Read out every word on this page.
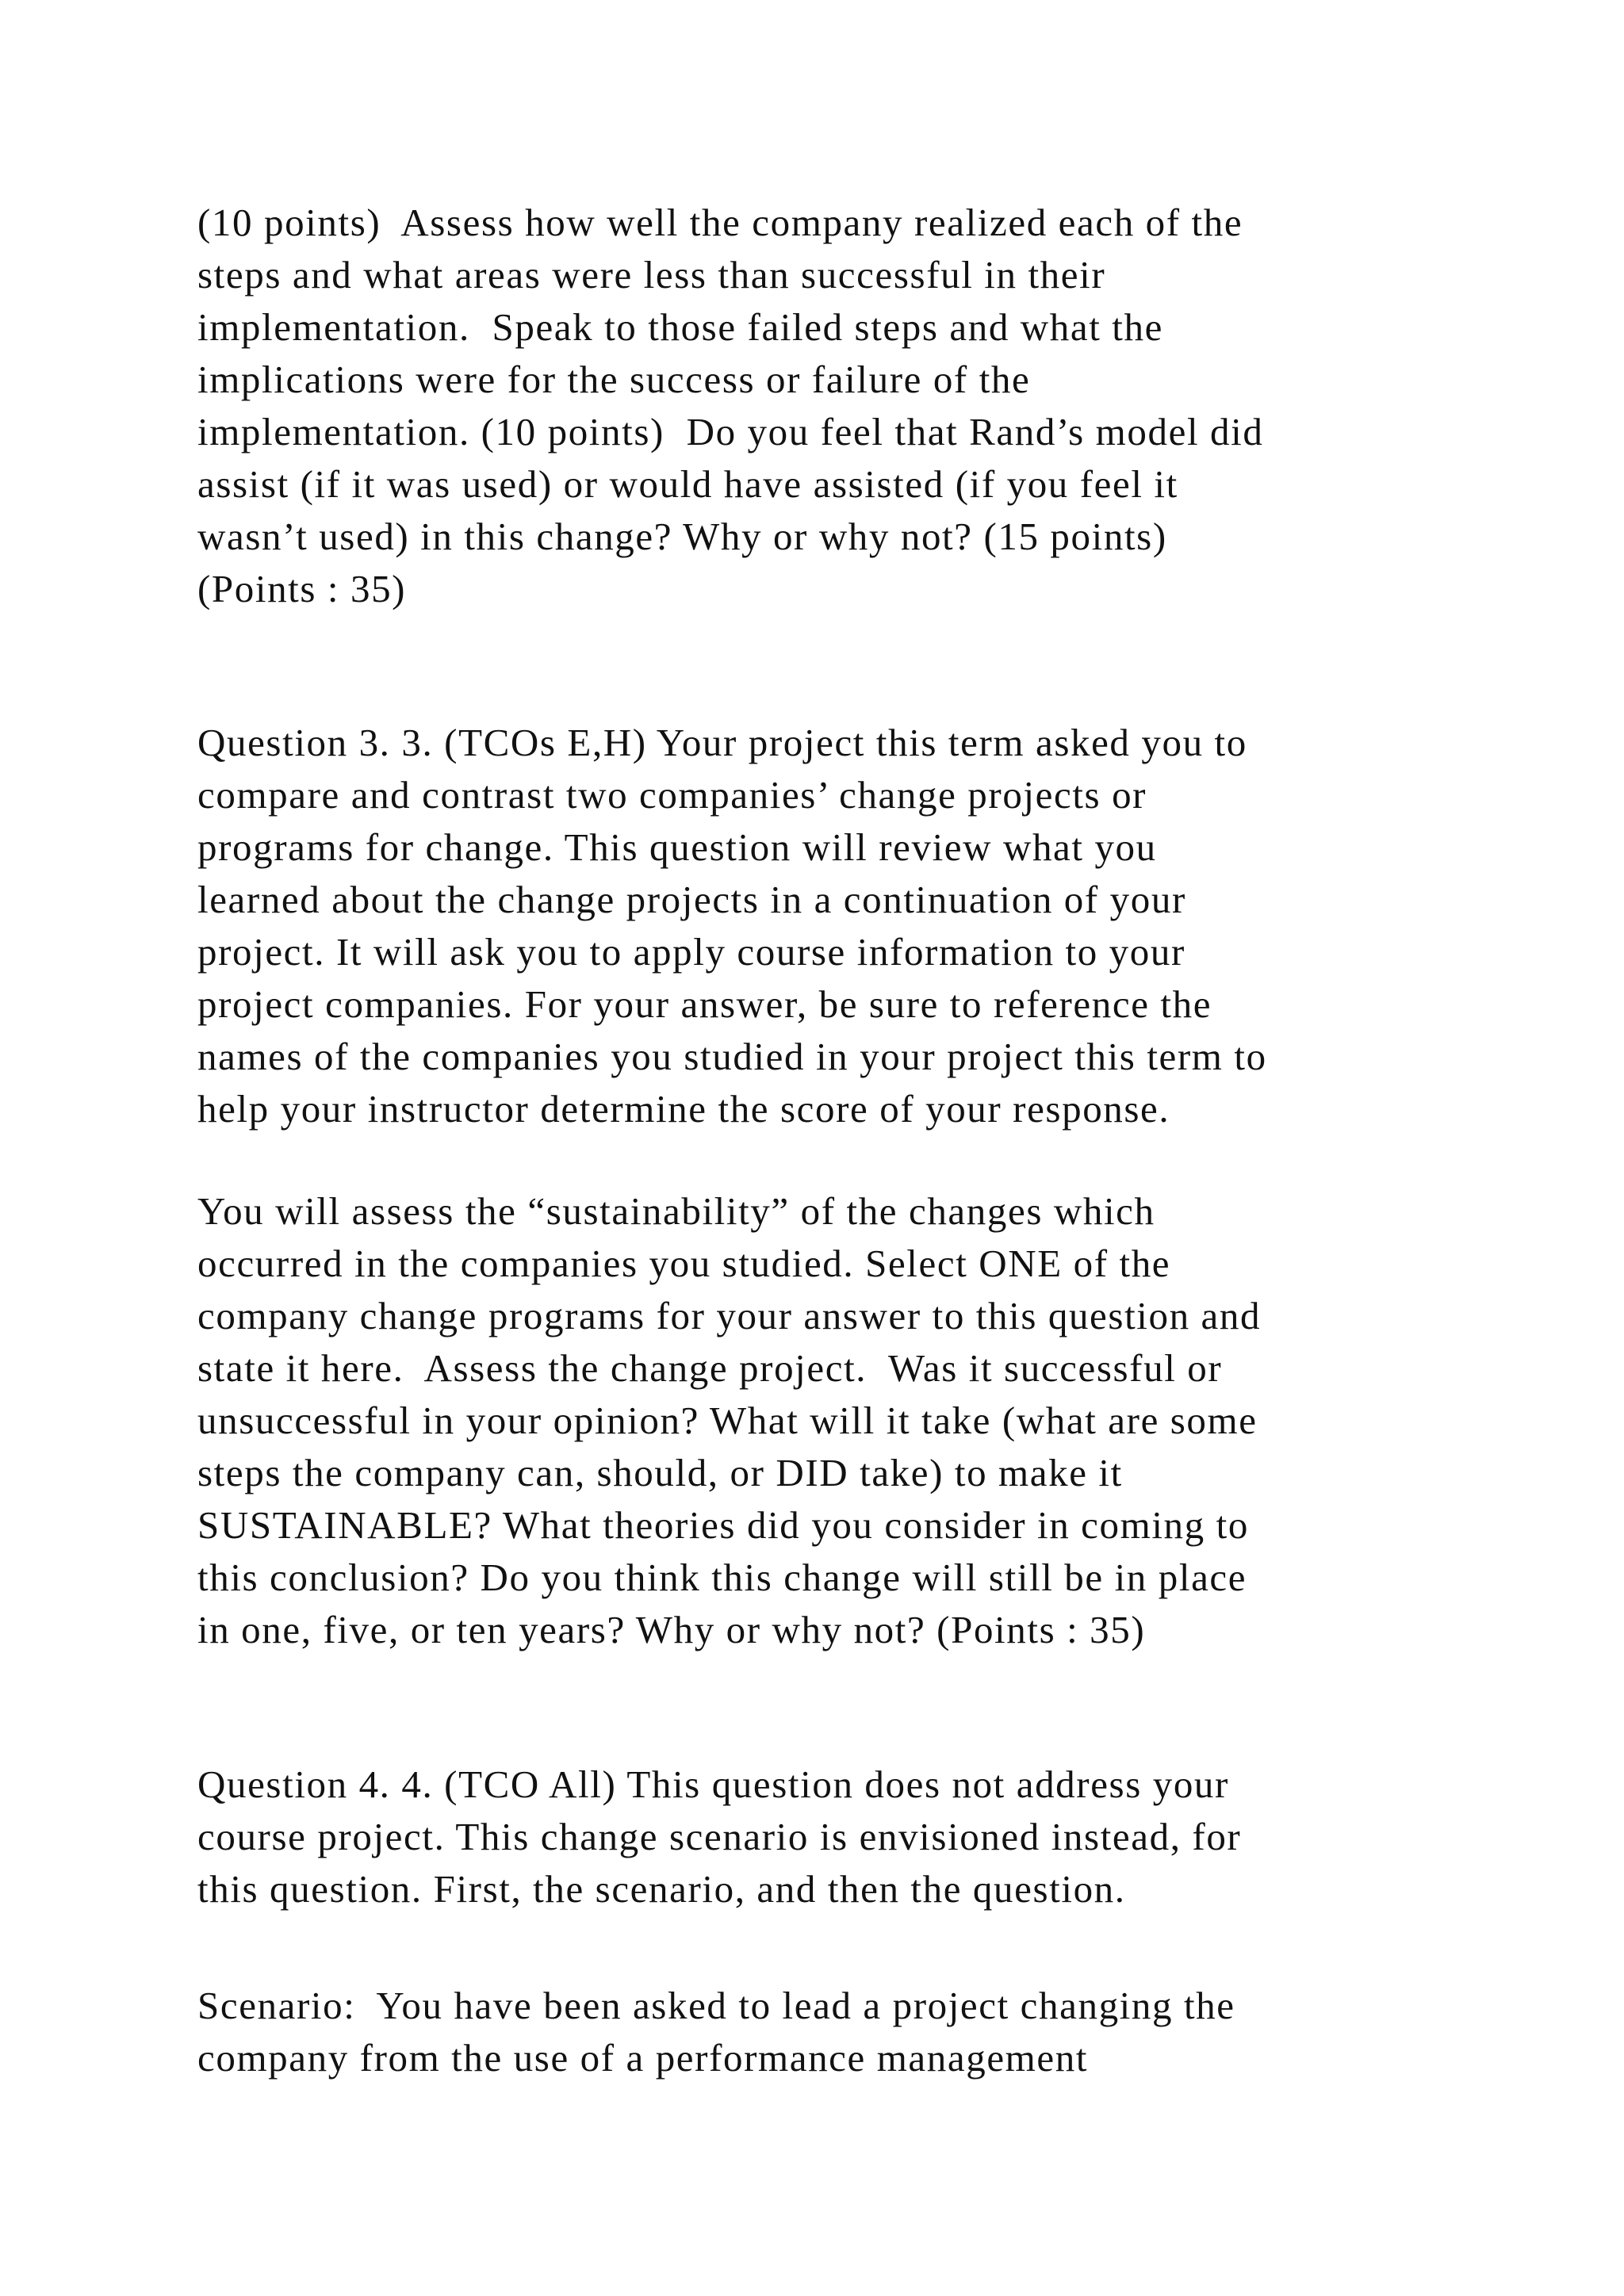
(10 points)  Assess how well the company realized each of the
steps and what areas were less than successful in their
implementation.  Speak to those failed steps and what the
implications were for the success or failure of the
implementation. (10 points)  Do you feel that Rand’s model did
assist (if it was used) or would have assisted (if you feel it
wasn’t used) in this change? Why or why not? (15 points)
(Points : 35)
Question 3. 3. (TCOs E,H) Your project this term asked you to
compare and contrast two companies’ change projects or
programs for change. This question will review what you
learned about the change projects in a continuation of your
project. It will ask you to apply course information to your
project companies. For your answer, be sure to reference the
names of the companies you studied in your project this term to
help your instructor determine the score of your response.
You will assess the “sustainability” of the changes which
occurred in the companies you studied. Select ONE of the
company change programs for your answer to this question and
state it here.  Assess the change project.  Was it successful or
unsuccessful in your opinion? What will it take (what are some
steps the company can, should, or DID take) to make it
SUSTAINABLE? What theories did you consider in coming to
this conclusion? Do you think this change will still be in place
in one, five, or ten years? Why or why not? (Points : 35)
Question 4. 4. (TCO All) This question does not address your
course project. This change scenario is envisioned instead, for
this question. First, the scenario, and then the question.
Scenario:  You have been asked to lead a project changing the
company from the use of a performance management
